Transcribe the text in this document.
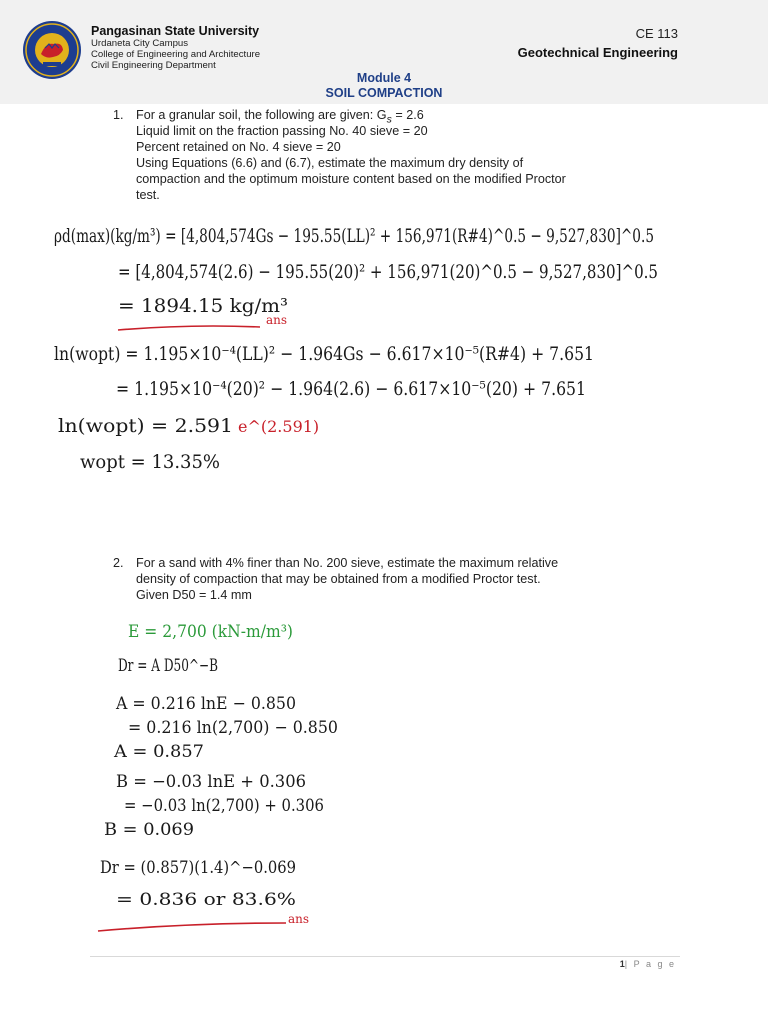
Pangasinan State University
Urdaneta City Campus
College of Engineering and Architecture
Civil Engineering Department
CE 113
Geotechnical Engineering
Module 4
SOIL COMPACTION
1. For a granular soil, the following are given: $G_s = 2.6$
Liquid limit on the fraction passing No. 40 sieve = 20
Percent retained on No. 4 sieve = 20
Using Equations (6.6) and (6.7), estimate the maximum dry density of
compaction and the optimum moisture content based on the modified Proctor
test.
ρd(max)(kg/m³) = [4,804,574Gs − 195.55(LL)² + 156,971(R#4)^0.5 − 9,527,830]^0.5
= [4,804,574(2.6) − 195.55(20)² + 156,971(20)^0.5 − 9,527,830]^0.5
= 1894.15 kg/m³
ans
ln(wopt) = 1.195×10⁻⁴(LL)² − 1.964Gs − 6.617×10⁻⁵(R#4) + 7.651
= 1.195×10⁻⁴(20)² − 1.964(2.6) − 6.617×10⁻⁵(20) + 7.651
ln(wopt) = 2.591 e^(2.591)
wopt = 13.35%
2. For a sand with 4% finer than No. 200 sieve, estimate the maximum relative
density of compaction that may be obtained from a modified Proctor test.
Given D50 = 1.4 mm
E = 2,700 (kN-m/m³)
Dr = A D50^−B
A = 0.216 lnE − 0.850
= 0.216 ln(2,700) − 0.850
A = 0.857
B = −0.03 lnE + 0.306
= −0.03 ln(2,700) + 0.306
B = 0.069
Dr = (0.857)(1.4)^−0.069
= 0.836 or 83.6%
ans
1| P a g e
